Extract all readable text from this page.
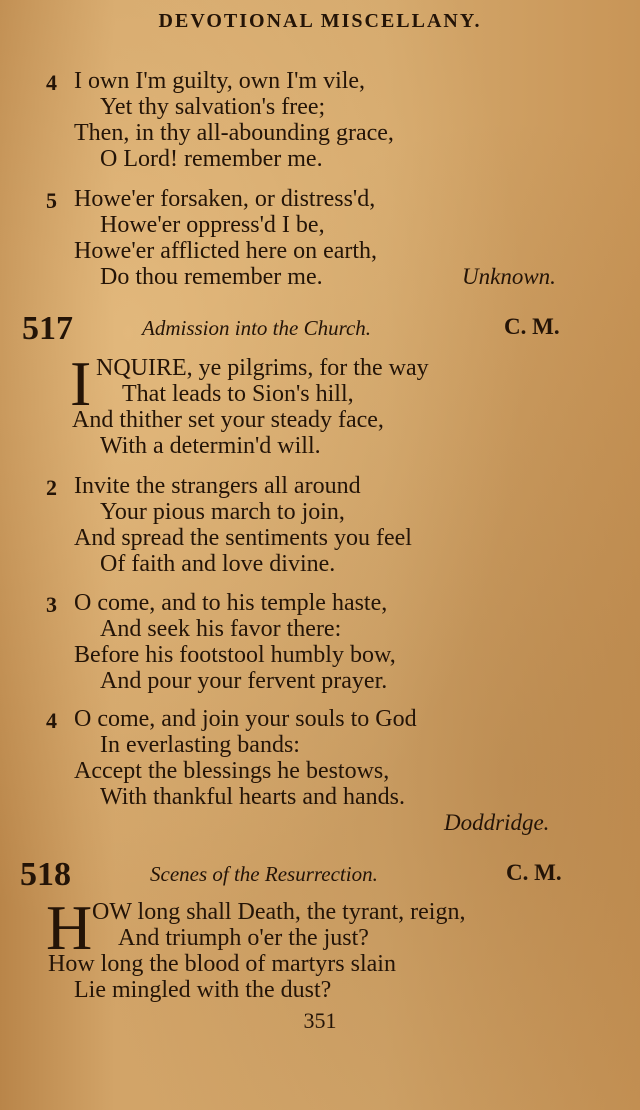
DEVOTIONAL MISCELLANY.
4 I own I'm guilty, own I'm vile,
Yet thy salvation's free;
Then, in thy all-abounding grace,
O Lord! remember me.
5 Howe'er forsaken, or distress'd,
Howe'er oppress'd I be,
Howe'er afflicted here on earth,
Do thou remember me.	Unknown.
517	Admission into the Church.	C. M.
I NQUIRE, ye pilgrims, for the way
That leads to Sion's hill,
And thither set your steady face,
With a determin'd will.
2 Invite the strangers all around
Your pious march to join,
And spread the sentiments you feel
Of faith and love divine.
3 O come, and to his temple haste,
And seek his favor there:
Before his footstool humbly bow,
And pour your fervent prayer.
4 O come, and join your souls to God
In everlasting bands:
Accept the blessings he bestows,
With thankful hearts and hands.
Doddridge.
518	Scenes of the Resurrection.	C. M.
H OW long shall Death, the tyrant, reign,
And triumph o'er the just?
How long the blood of martyrs slain
Lie mingled with the dust?
351
